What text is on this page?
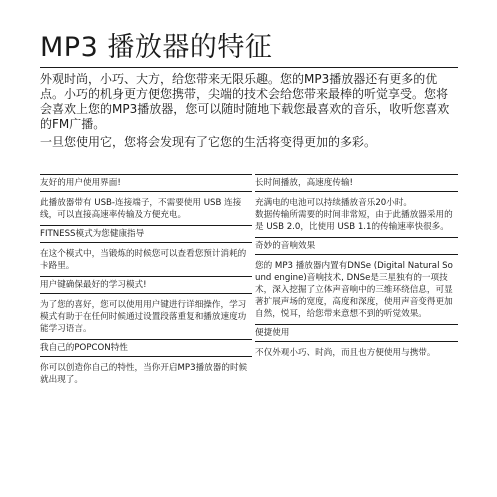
MP3 播放器的特征

外观时尚，小巧、大方，给您带来无限乐趣。您的MP3播放器还有更多的优点。小巧的机身更方便您携带，尖端的技术会给您带来最棒的听觉享受。您将会喜欢上您的MP3播放器，您可以随时随地下载您最喜欢的音乐，收听您喜欢的FM广播。

一旦您使用它，您将会发现有了它您的生活将变得更加的多彩。

友好的用户使用界面!

此播放器带有 USB-连接端子，不需要使用 USB 连接线，可以直接高速率传输及方便充电。

FITNESS模式为您健康指导

在这个模式中，当锻炼的时候您可以查看您预计消耗的卡路里。

用户键确保最好的学习模式!

为了您的喜好，您可以使用用户键进行详细操作，学习模式有助于在任何时候通过设置段落重复和播放速度功能学习语言。

我自己的POPCON特性

你可以创造你自己的特性，当你开启MP3播放器的时候就出现了。

长时间播放，高速度传输!

充满电的电池可以持续播放音乐20小时。

数据传输所需要的时间非常短，由于此播放器采用的是 USB 2.0，比使用 USB 1.1的传输速率快很多。

奇妙的音响效果

您的 MP3 播放器内置有DNSe (Digital Natural Sound engine)音响技术, DNSe是三星独有的一项技术，深入挖掘了立体声音响中的三维环绕信息，可显著扩展声场的宽度，高度和深度，使用声音变得更加自然，悦耳，给您带来意想不到的听觉效果。

便捷使用

不仅外观小巧、时尚，而且也方便使用与携带。
